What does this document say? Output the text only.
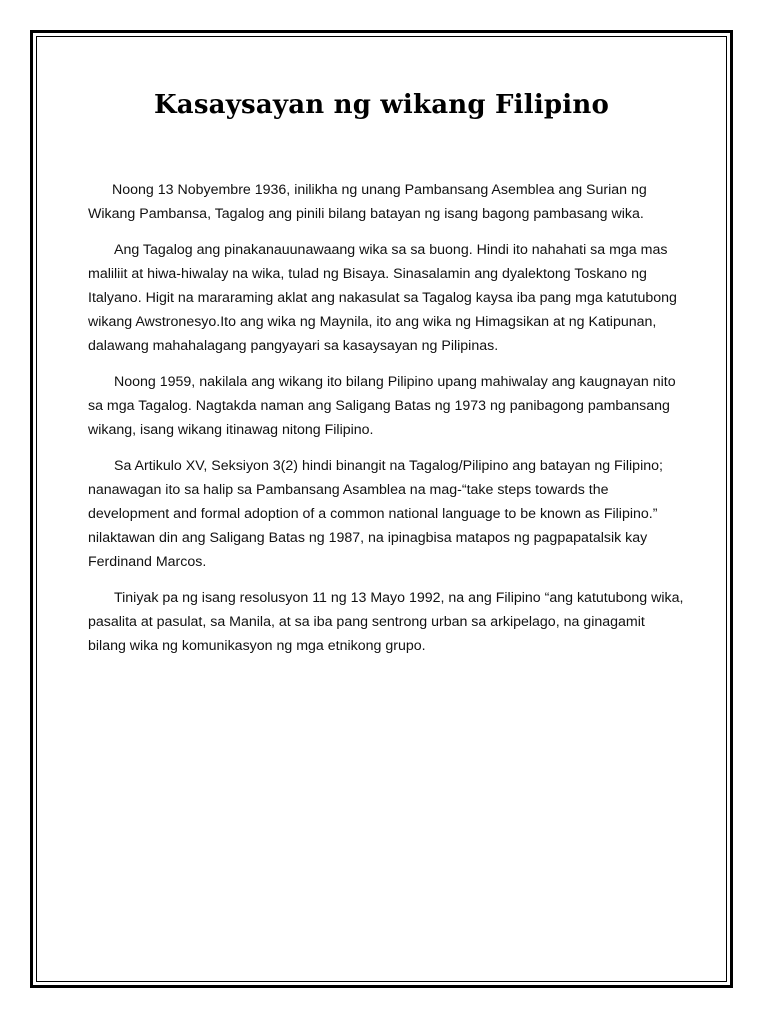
Kasaysayan ng wikang Filipino

Noong 13 Nobyembre 1936, inilikha ng unang Pambansang Asemblea ang Surian ng Wikang Pambansa, Tagalog ang pinili bilang batayan ng isang bagong pambasang wika.

Ang Tagalog ang pinakanauunawaang wika sa sa buong. Hindi ito nahahati sa mga mas maliliit at hiwa-hiwalay na wika, tulad ng Bisaya. Sinasalamin ang dyalektong Toskano ng Italyano. Higit na mararaming aklat ang nakasulat sa Tagalog kaysa iba pang mga katutubong wikang Awstronesyo.Ito ang wika ng Maynila, ito ang wika ng Himagsikan at ng Katipunan, dalawang mahahalagang pangyayari sa kasaysayan ng Pilipinas.

Noong 1959, nakilala ang wikang ito bilang Pilipino upang mahiwalay ang kaugnayan nito sa mga Tagalog. Nagtakda naman ang Saligang Batas ng 1973 ng panibagong pambansang wikang, isang wikang itinawag nitong Filipino.

Sa Artikulo XV, Seksiyon 3(2) hindi binangit na Tagalog/Pilipino ang batayan ng Filipino; nanawagan ito sa halip sa Pambansang Asamblea na mag-“take steps towards the development and formal adoption of a common national language to be known as Filipino.” nilaktawan din ang Saligang Batas ng 1987, na ipinagbisa matapos ng pagpapatalsik kay Ferdinand Marcos.

Tiniyak pa ng isang resolusyon 11 ng 13 Mayo 1992, na ang Filipino “ang katutubong wika, pasalita at pasulat, sa Manila, at sa iba pang sentrong urban sa arkipelago, na ginagamit bilang wika ng komunikasyon ng mga etnikong grupo.
